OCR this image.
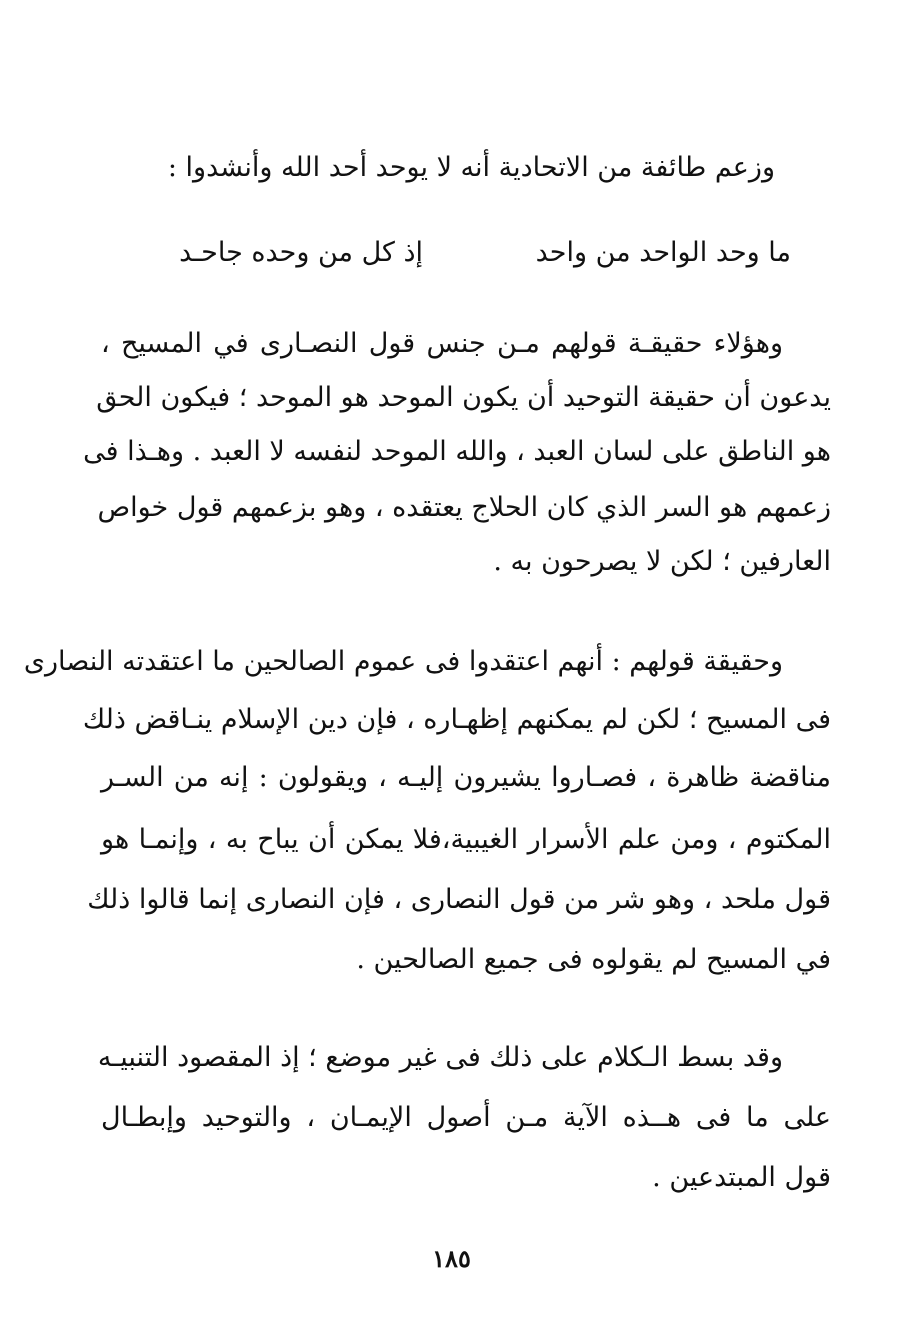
وزعم طائفة من الاتحادية أنه لا يوحد أحد الله وأنشدوا :
ما وحد الواحد من واحد
إذ كل من وحده جاحـد
وهؤلاء حقيقـة قولهم مـن جنس قول النصـارى في المسيح ،
يدعون أن حقيقة التوحيد أن يكون الموحد هو الموحد ؛ فيكون الحق
هو الناطق على لسان العبد ، والله الموحد لنفسه لا العبد . وهـذا فى
زعمهم هو السر الذي كان الحلاج يعتقده ، وهو بزعمهم قول خواص
العارفين ؛ لكن لا يصرحون به .
وحقيقة قولهم : أنهم اعتقدوا فى عموم الصالحين ما اعتقدته النصارى
فى المسيح ؛ لكن لم يمكنهم إظهـاره ، فإن دين الإسلام ينـاقض ذلك
مناقضة ظاهرة ، فصـاروا يشيرون إليـه ، ويقولون : إنه من السـر
المكتوم ، ومن علم الأسرار الغيبية،فلا يمكن أن يباح به ، وإنمـا هو
قول ملحد ، وهو شر من قول النصارى ، فإن النصارى إنما قالوا ذلك
في المسيح لم يقولوه فى جميع الصالحين .
وقد بسط الـكلام على ذلك فى غير موضع ؛ إذ المقصود التنبيـه
على ما فى هــذه الآية مـن أصول الإيمـان ، والتوحيد وإبطـال
قول المبتدعين .
١٨٥
